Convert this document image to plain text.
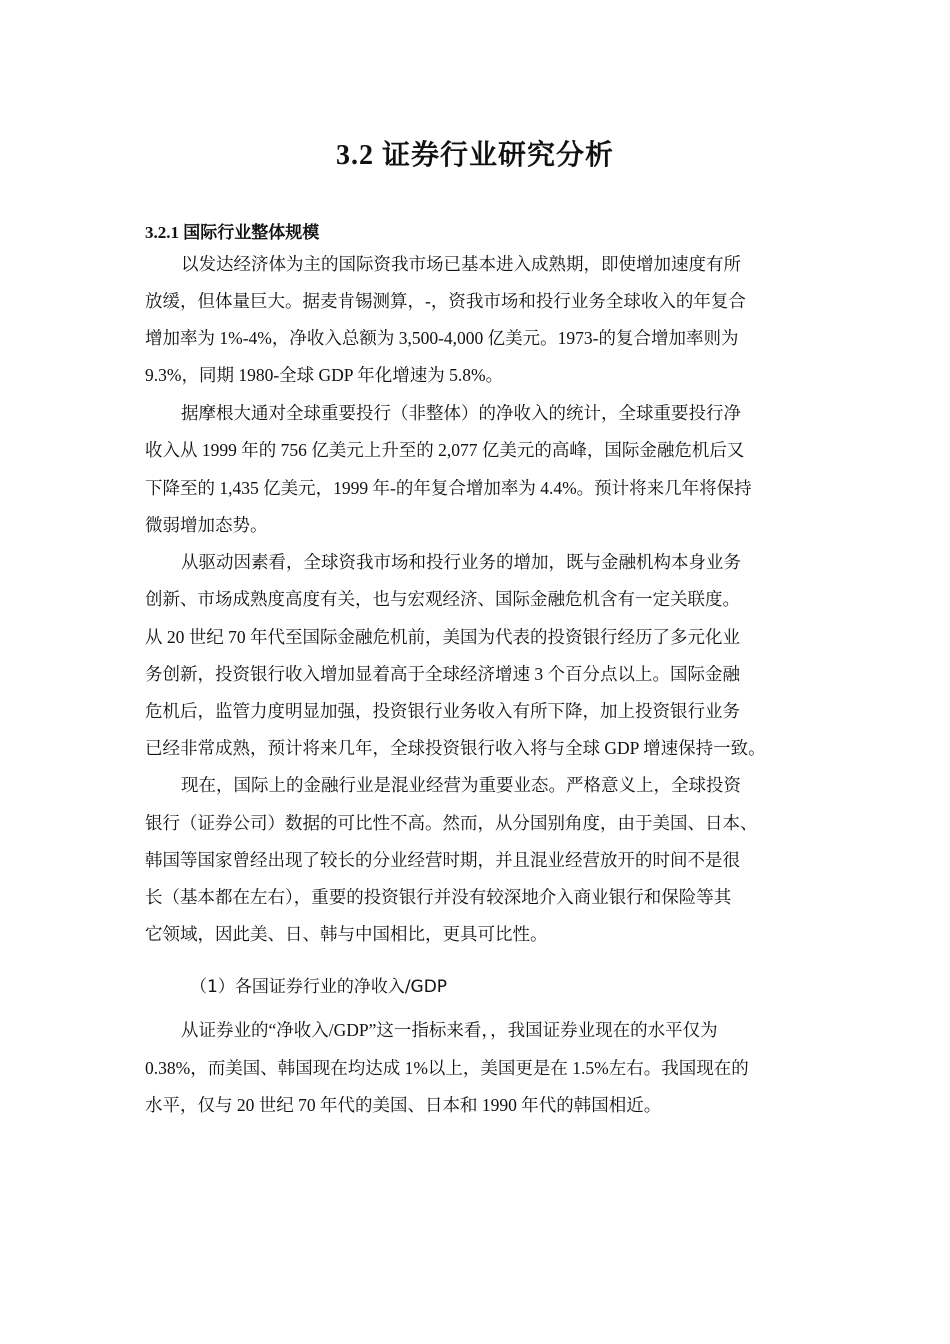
3.2 证券行业研究分析
3.2.1 国际行业整体规模
以发达经济体为主的国际资我市场已基本进入成熟期，即使增加速度有所
放缓，但体量巨大。据麦肯锡测算，-，资我市场和投行业务全球收入的年复合
增加率为 1%-4%，净收入总额为 3,500-4,000 亿美元。1973-的复合增加率则为
9.3%，同期 1980-全球 GDP 年化增速为 5.8%。
据摩根大通对全球重要投行（非整体）的净收入的统计，全球重要投行净
收入从 1999 年的 756 亿美元上升至的 2,077 亿美元的高峰，国际金融危机后又
下降至的 1,435 亿美元，1999 年-的年复合增加率为 4.4%。预计将来几年将保持
微弱增加态势。
从驱动因素看，全球资我市场和投行业务的增加，既与金融机构本身业务
创新、市场成熟度高度有关，也与宏观经济、国际金融危机含有一定关联度。
从 20 世纪 70 年代至国际金融危机前，美国为代表的投资银行经历了多元化业
务创新，投资银行收入增加显着高于全球经济增速 3 个百分点以上。国际金融
危机后，监管力度明显加强，投资银行业务收入有所下降，加上投资银行业务
已经非常成熟，预计将来几年，全球投资银行收入将与全球 GDP 增速保持一致。
现在，国际上的金融行业是混业经营为重要业态。严格意义上，全球投资
银行（证券公司）数据的可比性不高。然而，从分国别角度，由于美国、日本、
韩国等国家曾经出现了较长的分业经营时期，并且混业经营放开的时间不是很
长（基本都在左右），重要的投资银行并没有较深地介入商业银行和保险等其
它领域，因此美、日、韩与中国相比，更具可比性。
（1）各国证券行业的净收入/GDP
从证券业的“净收入/GDP”这一指标来看，，我国证券业现在的水平仅为
0.38%，而美国、韩国现在均达成 1%以上，美国更是在 1.5%左右。我国现在的
水平，仅与 20 世纪 70 年代的美国、日本和 1990 年代的韩国相近。
